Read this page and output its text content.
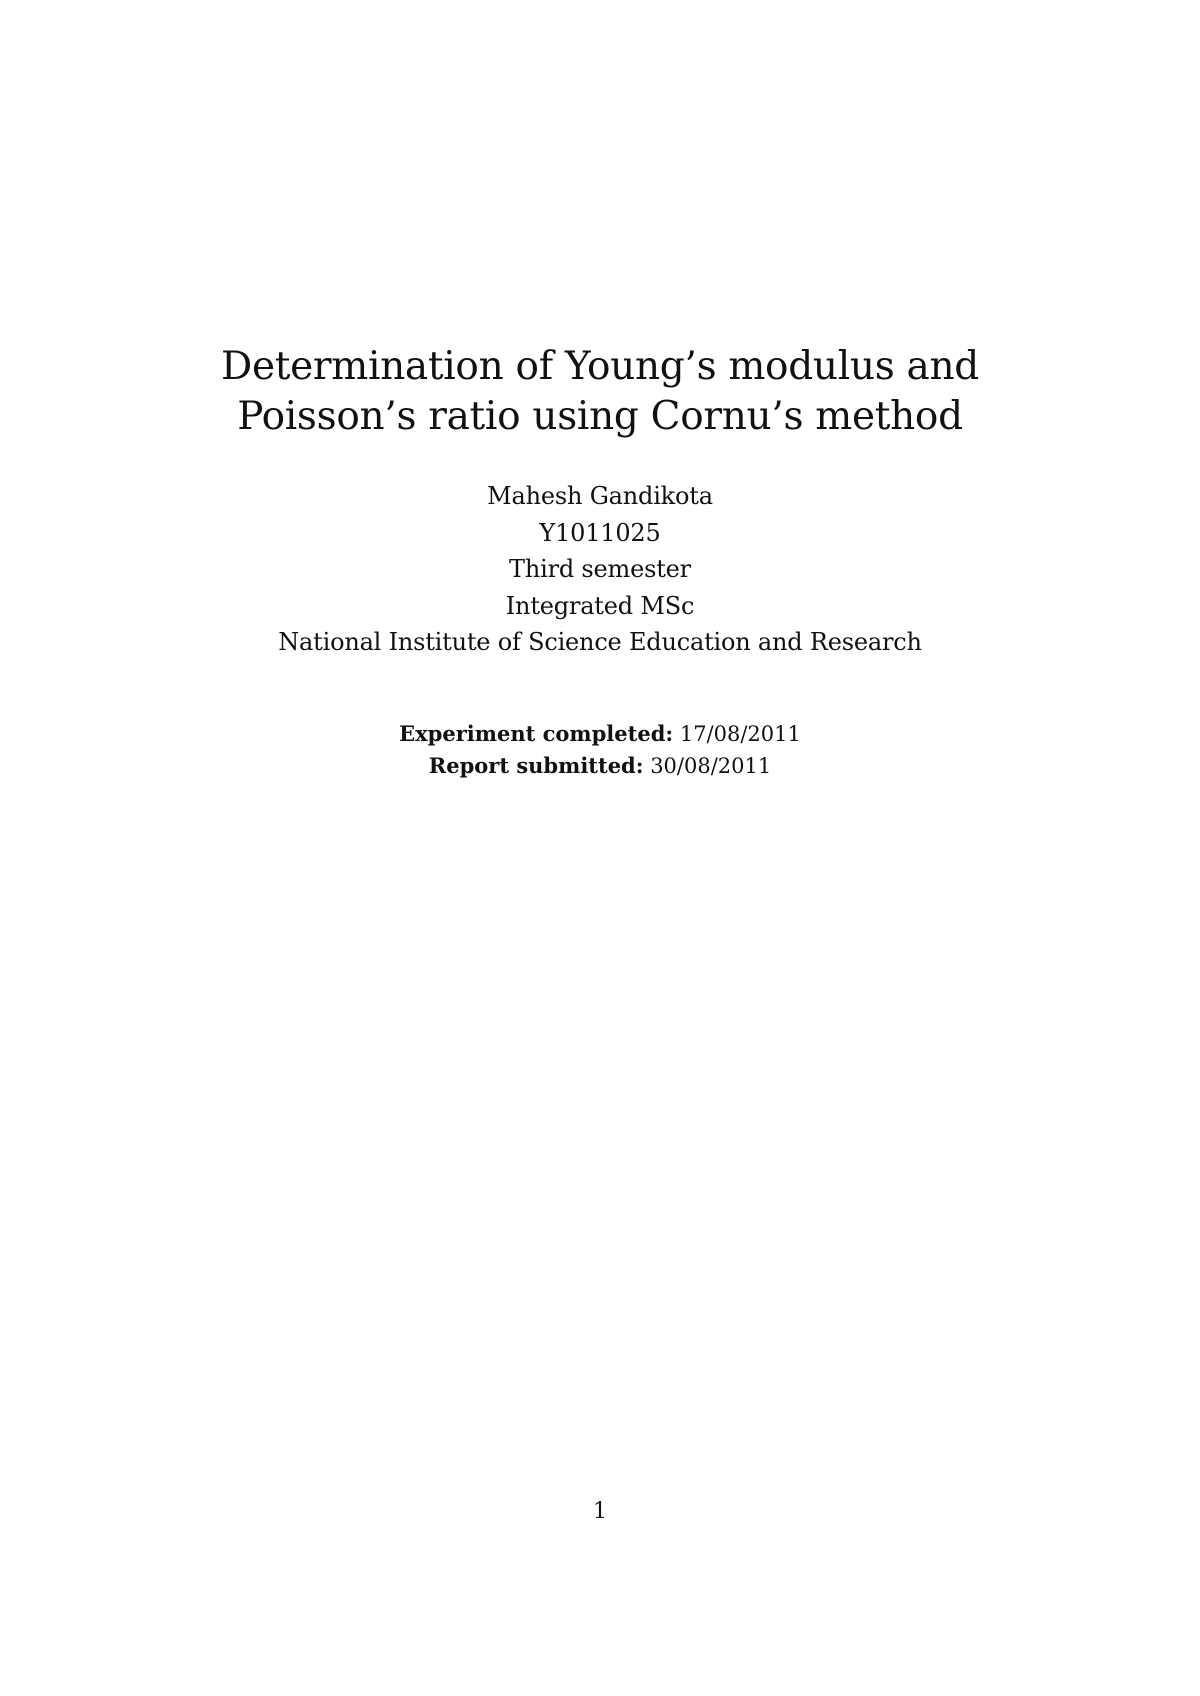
Determination of Young’s modulus and

Poisson’s ratio using Cornu’s method

Mahesh Gandikota

Y1011025

Third semester

Integrated MSc

National Institute of Science Education and Research

Experiment completed: 17/08/2011

Report submitted: 30/08/2011

1
